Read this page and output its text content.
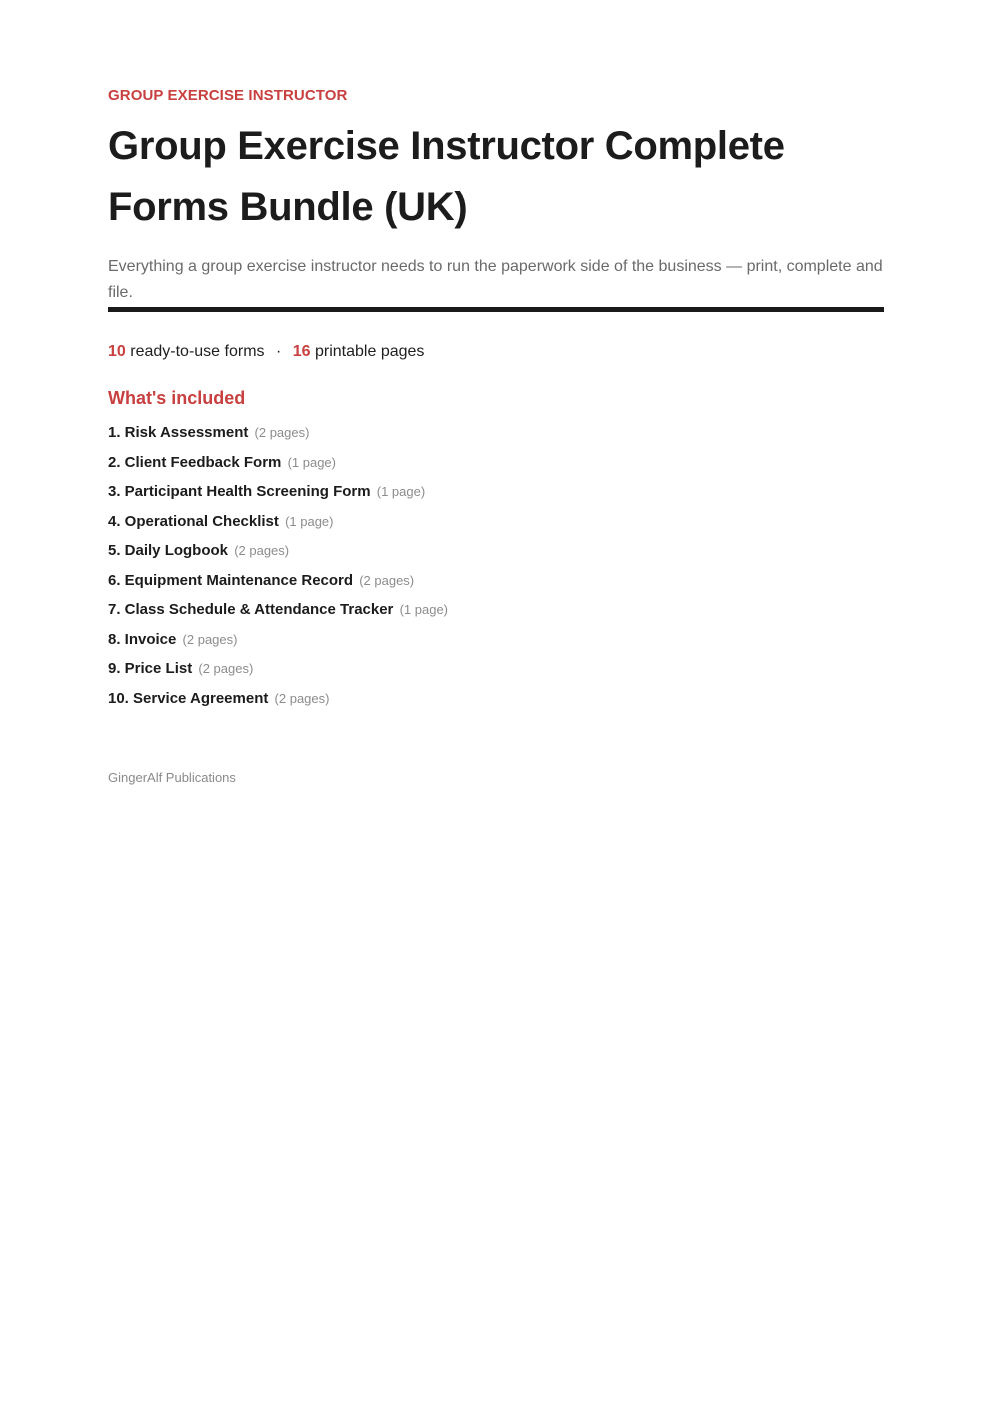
GROUP EXERCISE INSTRUCTOR

Group Exercise Instructor Complete Forms Bundle (UK)

Everything a group exercise instructor needs to run the paperwork side of the business — print, complete and file.

10 ready-to-use forms · 16 printable pages
What's included
1. Risk Assessment (2 pages)
2. Client Feedback Form (1 page)
3. Participant Health Screening Form (1 page)
4. Operational Checklist (1 page)
5. Daily Logbook (2 pages)
6. Equipment Maintenance Record (2 pages)
7. Class Schedule & Attendance Tracker (1 page)
8. Invoice (2 pages)
9. Price List (2 pages)
10. Service Agreement (2 pages)
GingerAlf Publications
